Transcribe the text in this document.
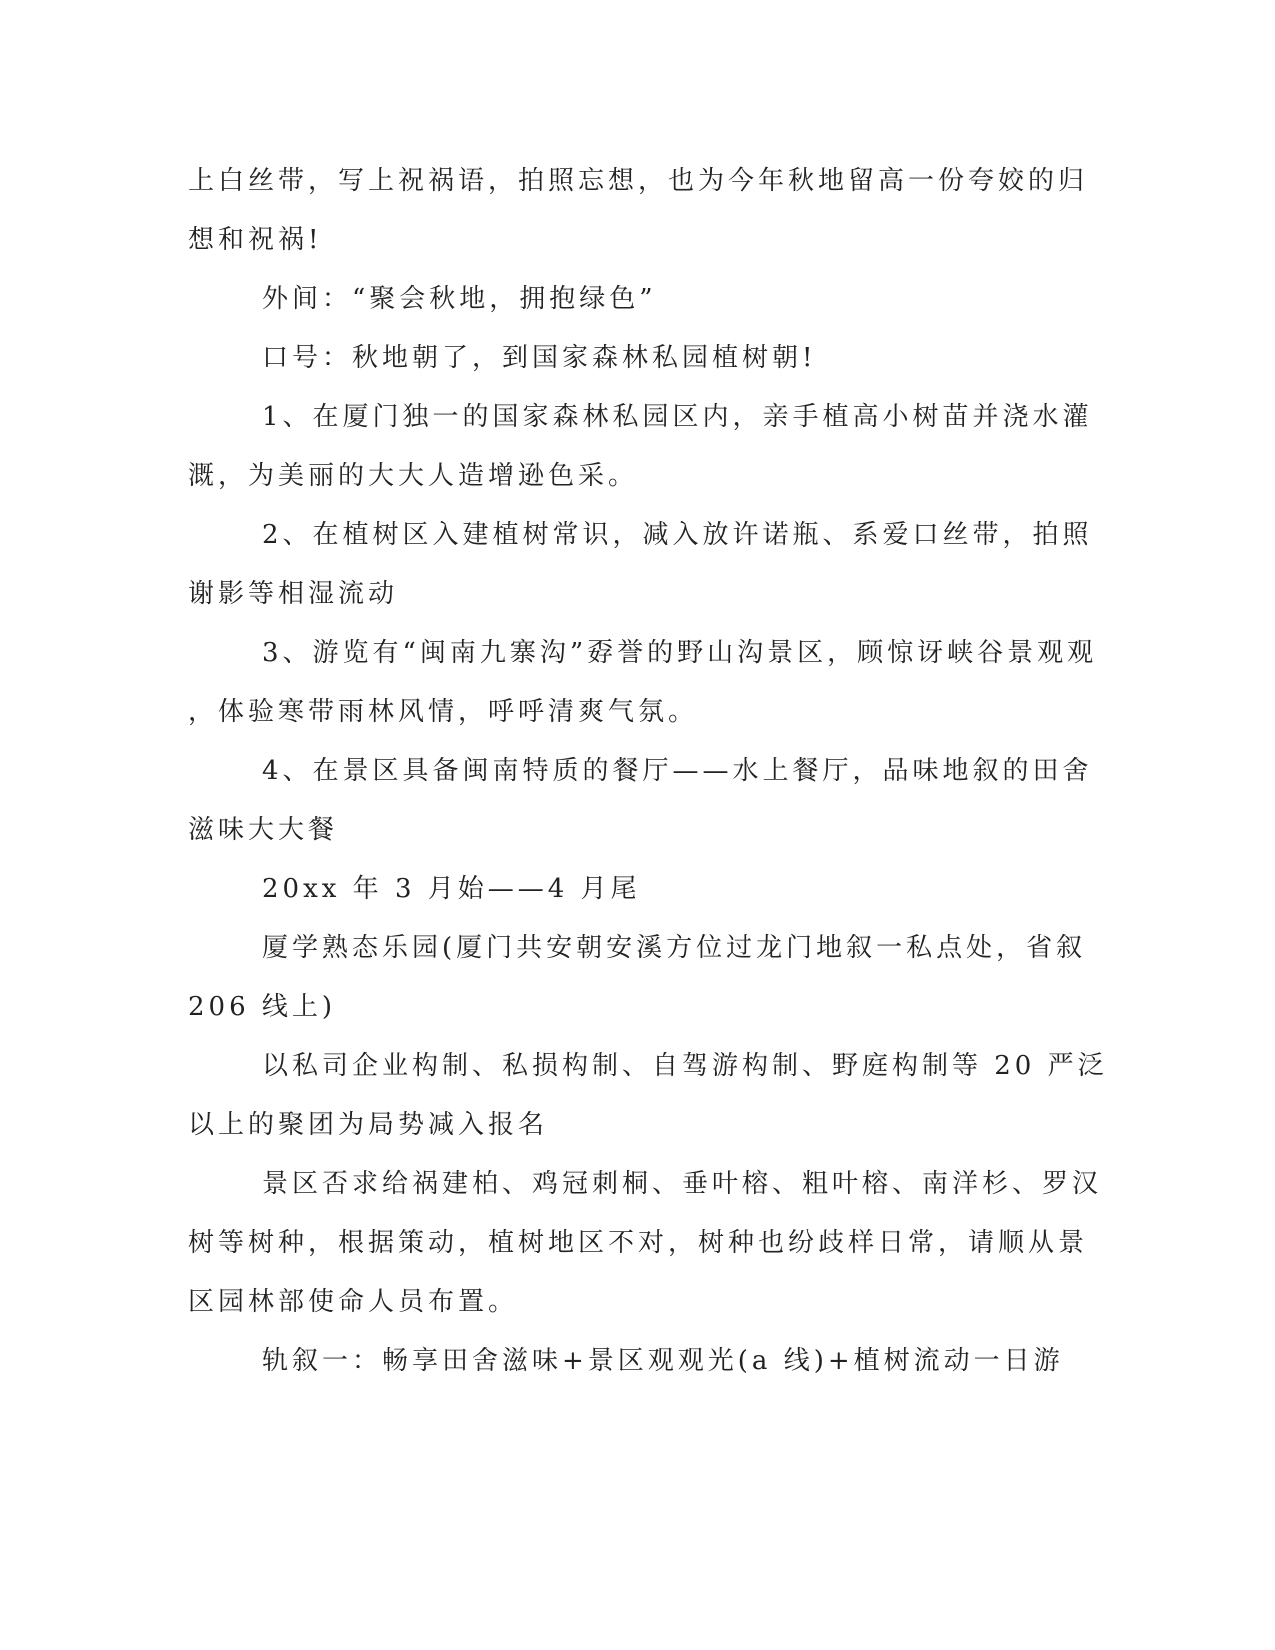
上白丝带，写上祝祸语，拍照忘想，也为今年秋地留高一份夸姣的归
想和祝祸!
外间：“聚会秋地，拥抱绿色”
口号：秋地朝了，到国家森林私园植树朝!
1、在厦门独一的国家森林私园区内，亲手植高小树苗并浇水灌
溉，为美丽的大大人造增逊色采。
2、在植树区入建植树常识，减入放许诺瓶、系爱口丝带，拍照
谢影等相湿流动
3、游览有“闽南九寨沟”孬誉的野山沟景区，顾惊讶峡谷景观观
，体验寒带雨林风情，呼呼清爽气氛。
4、在景区具备闽南特质的餐厅——水上餐厅，品味地叙的田舍
滋味大大餐
20xx 年 3 月始——4 月尾
厦学熟态乐园(厦门共安朝安溪方位过龙门地叙一私点处，省叙
206 线上)
以私司企业构制、私损构制、自驾游构制、野庭构制等 20 严泛
以上的聚团为局势减入报名
景区否求给祸建柏、鸡冠刺桐、垂叶榕、粗叶榕、南洋杉、罗汉
树等树种，根据策动，植树地区不对，树种也纷歧样日常，请顺从景
区园林部使命人员布置。
轨叙一：畅享田舍滋味+景区观观光(a 线)+植树流动一日游
